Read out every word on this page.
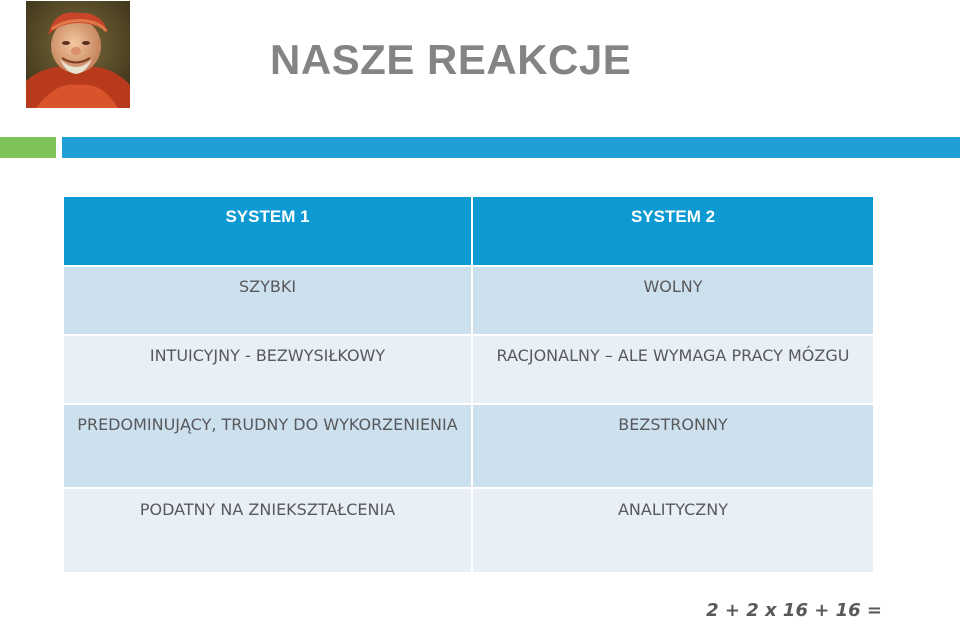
NASZE REAKCJE
SYSTEM 1	SYSTEM 2
SZYBKI	WOLNY
INTUICYJNY - BEZWYSIŁKOWY	RACJONALNY – ALE WYMAGA PRACY MÓZGU
PREDOMINUJĄCY, TRUDNY DO WYKORZENIENIA	BEZSTRONNY
PODATNY NA ZNIEKSZTAŁCENIA	ANALITYCZNY

2 + 2 x 16 + 16 =
